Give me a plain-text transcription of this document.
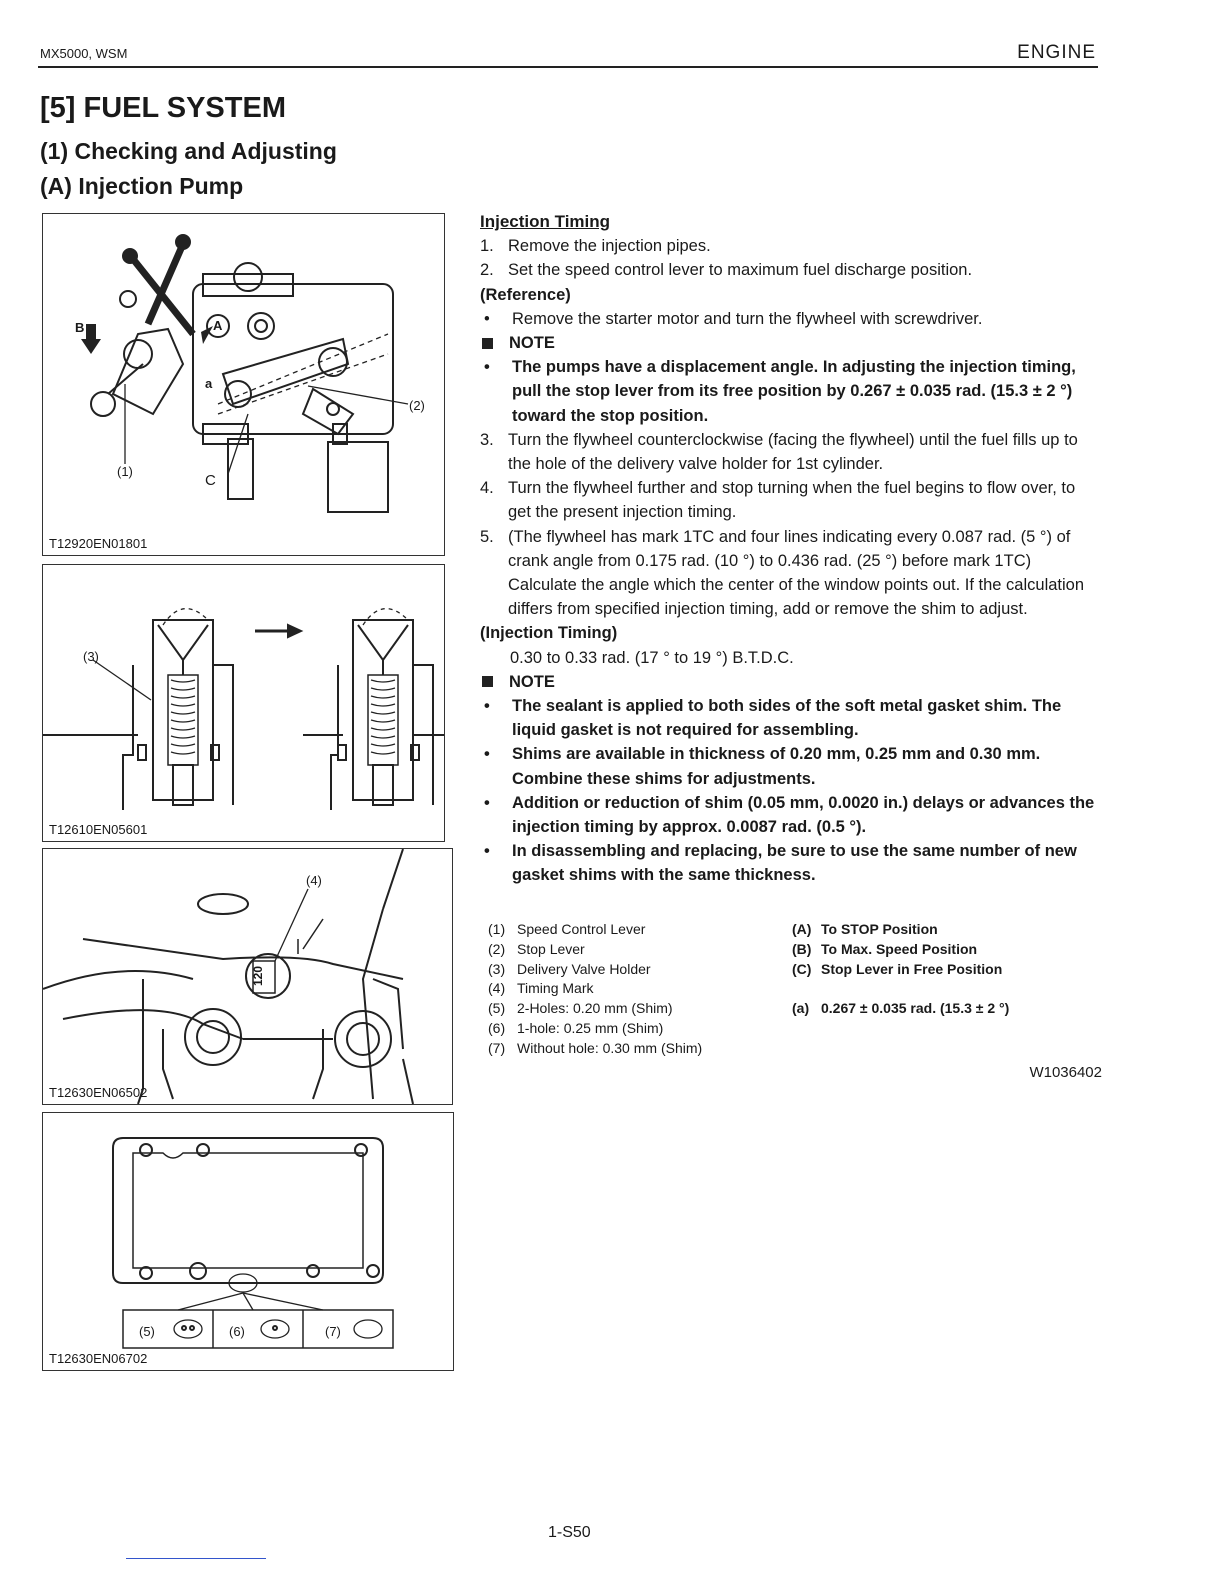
MX5000, WSM	ENGINE
[5] FUEL SYSTEM
(1) Checking and Adjusting
(A) Injection Pump
B	A
a
C
(1)
(2)
T12920EN01801
(3)
T12610EN05601
(4)
120
T12630EN06502
(5)	(6)	(7)
T12630EN06702

Injection Timing

1. Remove the injection pipes.
2. Set the speed control lever to maximum fuel discharge position.

(Reference)

•	Remove the starter motor and turn the flywheel with screwdriver.
NOTE
•	The pumps have a displacement angle. In adjusting the injection timing, pull the stop lever from its free position by 0.267 ± 0.035 rad. (15.3 ± 2 °) toward the stop position.
3. Turn the flywheel counterclockwise (facing the flywheel) until the fuel fills up to the hole of the delivery valve holder for 1st cylinder.
4. Turn the flywheel further and stop turning when the fuel begins to flow over, to get the present injection timing.
5. (The flywheel has mark 1TC and four lines indicating every 0.087 rad. (5 °) of crank angle from 0.175 rad. (10 °) to 0.436 rad. (25 °) before mark 1TC) Calculate the angle which the center of the window points out. If the calculation differs from specified injection timing, add or remove the shim to adjust.

(Injection Timing)

0.30 to 0.33 rad. (17 ° to 19 °) B.T.D.C.

NOTE
•	The sealant is applied to both sides of the soft metal gasket shim. The liquid gasket is not required for assembling.
•	Shims are available in thickness of 0.20 mm, 0.25 mm and 0.30 mm. Combine these shims for adjustments.
•	Addition or reduction of shim (0.05 mm, 0.0020 in.) delays or advances the injection timing by approx. 0.0087 rad. (0.5 °).
•	In disassembling and replacing, be sure to use the same number of new gasket shims with the same thickness.
(1) Speed Control Lever
(2) Stop Lever
(3) Delivery Valve Holder
(4) Timing Mark
(5) 2-Holes: 0.20 mm (Shim)
(6) 1-hole: 0.25 mm (Shim)
(7) Without hole: 0.30 mm (Shim)
(A) To STOP Position
(B) To Max. Speed Position
(C) Stop Lever in Free Position
(a) 0.267 ± 0.035 rad. (15.3 ± 2 °)
W1036402
1-S50
